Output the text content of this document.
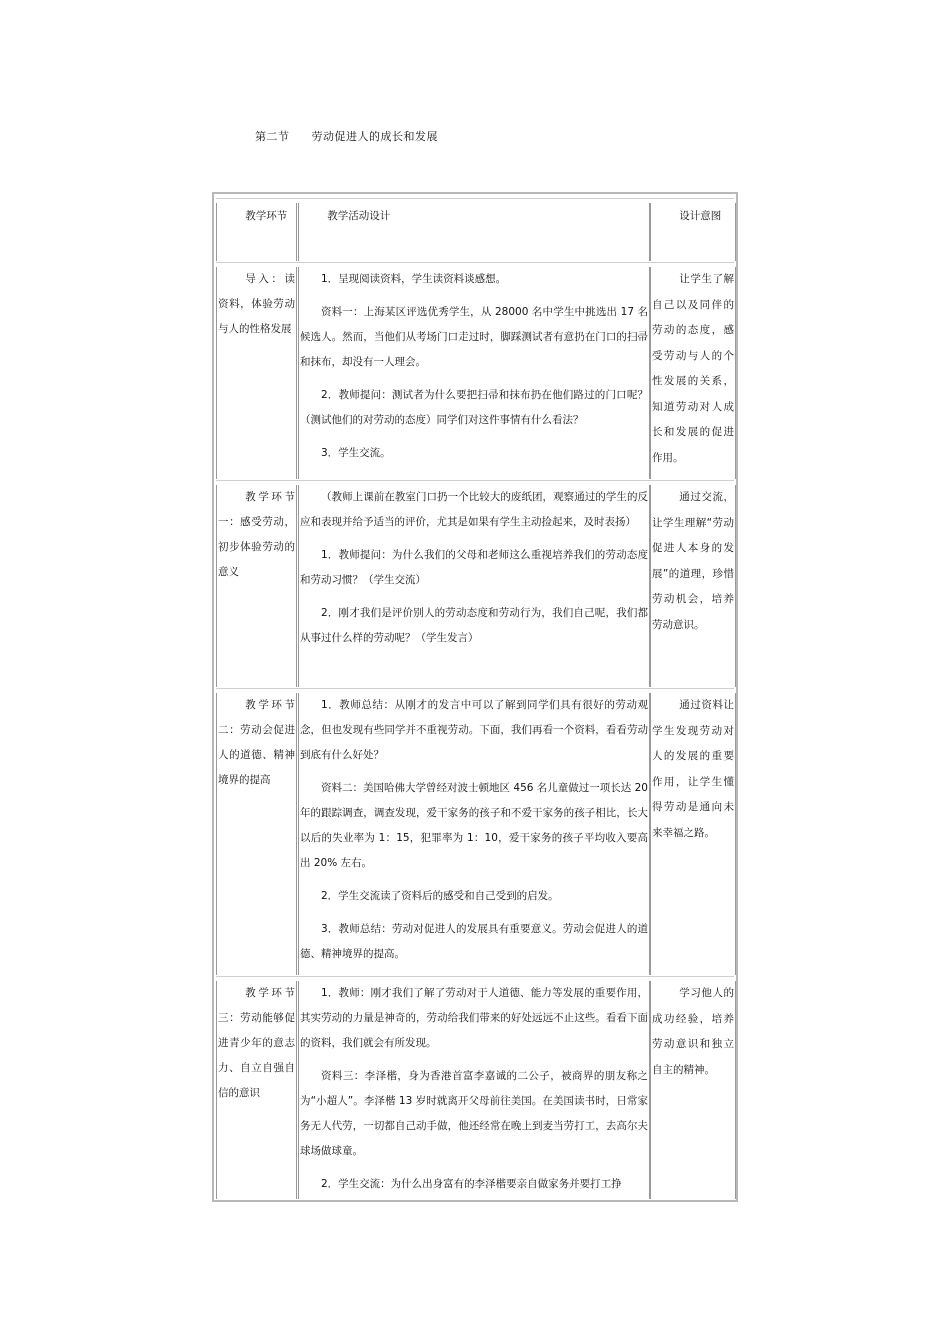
第二节 劳动促进人的成长和发展

教学环节	教学活动设计	设计意图

导入：读资料，体验劳动与人的性格发展

1．呈现阅读资料，学生读资料谈感想。

资料一：上海某区评选优秀学生，从 28000 名中学生中挑选出 17 名候选人。然而，当他们从考场门口走过时，脚踩测试者有意扔在门口的扫帚和抹布，却没有一人理会。

2．教师提问：测试者为什么要把扫帚和抹布扔在他们路过的门口呢？（测试他们的对劳动的态度）同学们对这件事情有什么看法？

3．学生交流。

让学生了解自己以及同伴的劳动的态度，感受劳动与人的个性发展的关系，知道劳动对人成长和发展的促进作用。

教学环节一：感受劳动，初步体验劳动的意义

（教师上课前在教室门口扔一个比较大的废纸团，观察通过的学生的反应和表现并给予适当的评价，尤其是如果有学生主动捡起来，及时表扬）

1．教师提问：为什么我们的父母和老师这么重视培养我们的劳动态度和劳动习惯？（学生交流）

2．刚才我们是评价别人的劳动态度和劳动行为，我们自己呢，我们都从事过什么样的劳动呢？（学生发言）

通过交流，让学生理解“劳动促进人本身的发展”的道理，珍惜劳动机会，培养劳动意识。

教学环节二：劳动会促进人的道德、精神境界的提高

1．教师总结：从刚才的发言中可以了解到同学们具有很好的劳动观念，但也发现有些同学并不重视劳动。下面，我们再看一个资料，看看劳动到底有什么好处？

资料二：美国哈佛大学曾经对波士顿地区 456 名儿童做过一项长达 20 年的跟踪调查，调查发现，爱干家务的孩子和不爱干家务的孩子相比，长大以后的失业率为 1：15，犯罪率为 1：10，爱干家务的孩子平均收入要高出 20% 左右。

2．学生交流读了资料后的感受和自己受到的启发。

3．教师总结：劳动对促进人的发展具有重要意义。劳动会促进人的道德、精神境界的提高。

通过资料让学生发现劳动对人的发展的重要作用，让学生懂得劳动是通向未来幸福之路。

教学环节三：劳动能够促进青少年的意志力、自立自强自信的意识

1．教师：刚才我们了解了劳动对于人道德、能力等发展的重要作用，其实劳动的力量是神奇的，劳动给我们带来的好处远远不止这些。看看下面的资料，我们就会有所发现。

资料三：李泽楷，身为香港首富李嘉诚的二公子，被商界的朋友称之为“小超人”。李泽楷 13 岁时就离开父母前往美国。在美国读书时，日常家务无人代劳，一切都自己动手做，他还经常在晚上到麦当劳打工，去高尔夫球场做球童。

2．学生交流：为什么出身富有的李泽楷要亲自做家务并要打工挣

学习他人的成功经验，培养劳动意识和独立自主的精神。
